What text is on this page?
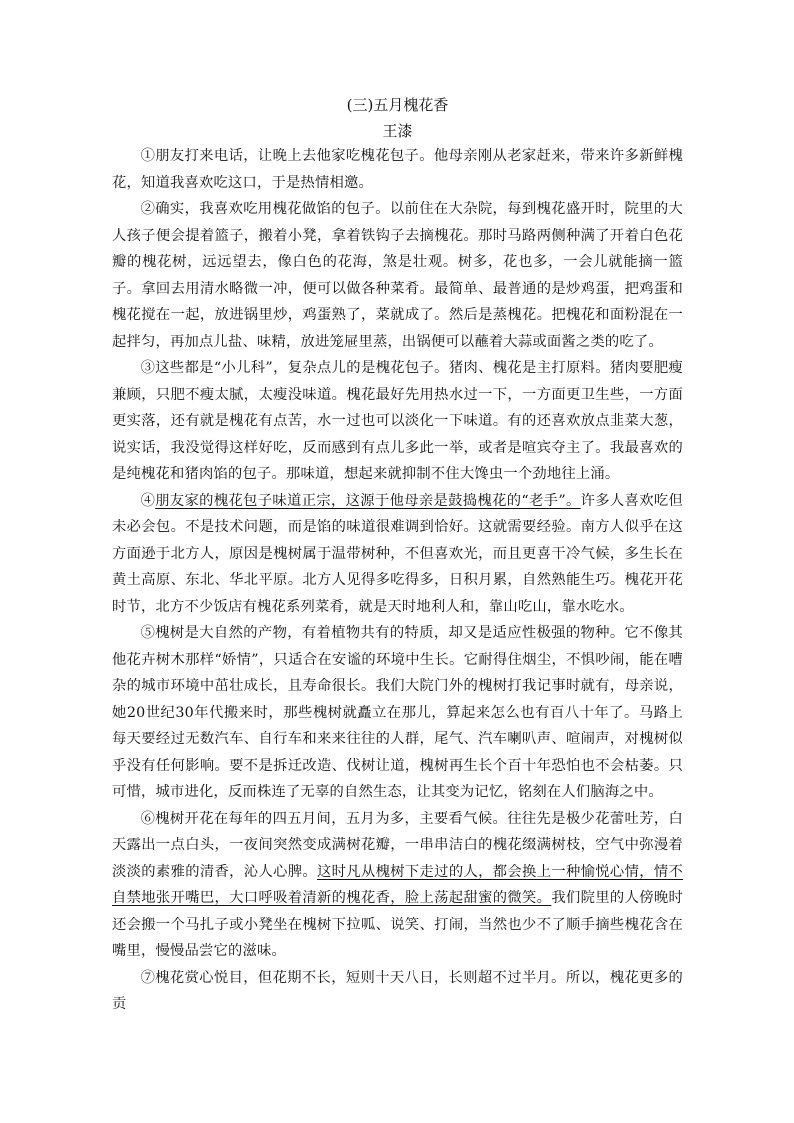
(三)五月槐花香
王漆

①朋友打来电话，让晚上去他家吃槐花包子。他母亲刚从老家赶来，带来许多新鲜槐花，知道我喜欢吃这口，于是热情相邀。

②确实，我喜欢吃用槐花做馅的包子。以前住在大杂院，每到槐花盛开时，院里的大人孩子便会提着篮子，搬着小凳，拿着铁钩子去摘槐花。那时马路两侧种满了开着白色花瓣的槐花树，远远望去，像白色的花海，煞是壮观。树多，花也多，一会儿就能摘一篮子。拿回去用清水略微一冲，便可以做各种菜肴。最简单、最普通的是炒鸡蛋，把鸡蛋和槐花搅在一起，放进锅里炒，鸡蛋熟了，菜就成了。然后是蒸槐花。把槐花和面粉混在一起拌匀，再加点儿盐、味精，放进笼屉里蒸，出锅便可以蘸着大蒜或面酱之类的吃了。

③这些都是“小儿科”，复杂点儿的是槐花包子。猪肉、槐花是主打原料。猪肉要肥瘦兼顾，只肥不瘦太腻，太瘦没味道。槐花最好先用热水过一下，一方面更卫生些，一方面更实落，还有就是槐花有点苦，水一过也可以淡化一下味道。有的还喜欢放点韭菜大葱，说实话，我没觉得这样好吃，反而感到有点儿多此一举，或者是喧宾夺主了。我最喜欢的是纯槐花和猪肉馅的包子。那味道，想起来就抑制不住大馋虫一个劲地往上涌。

④朋友家的槐花包子味道正宗，这源于他母亲是鼓捣槐花的“老手”。许多人喜欢吃但未必会包。不是技术问题，而是馅的味道很难调到恰好。这就需要经验。南方人似乎在这方面逊于北方人，原因是槐树属于温带树种，不但喜欢光，而且更喜干冷气候，多生长在黄土高原、东北、华北平原。北方人见得多吃得多，日积月累，自然熟能生巧。槐花开花时节，北方不少饭店有槐花系列菜肴，就是天时地利人和，靠山吃山，靠水吃水。

⑤槐树是大自然的产物，有着植物共有的特质，却又是适应性极强的物种。它不像其他花卉树木那样“娇情”，只适合在安谧的环境中生长。它耐得住烟尘，不惧吵闹，能在嘈杂的城市环境中茁壮成长，且寿命很长。我们大院门外的槐树打我记事时就有，母亲说，她20世纪30年代搬来时，那些槐树就矗立在那儿，算起来怎么也有百八十年了。马路上每天要经过无数汽车、自行车和来来往往的人群，尾气、汽车喇叭声、喧闹声，对槐树似乎没有任何影响。要不是拆迁改造、伐树让道，槐树再生长个百十年恐怕也不会枯萎。只可惜，城市进化，反而株连了无辜的自然生态，让其变为记忆，铭刻在人们脑海之中。

⑥槐树开花在每年的四五月间，五月为多，主要看气候。往往先是极少花蕾吐芳，白天露出一点白头，一夜间突然变成满树花瓣，一串串洁白的槐花缀满树枝，空气中弥漫着淡淡的素雅的清香，沁人心脾。这时凡从槐树下走过的人，都会换上一种愉悦心情，情不自禁地张开嘴巴，大口呼吸着清新的槐花香，脸上荡起甜蜜的微笑。我们院里的人傍晚时还会搬一个马扎子或小凳坐在槐树下拉呱、说笑、打闹，当然也少不了顺手摘些槐花含在嘴里，慢慢品尝它的滋味。

⑦槐花赏心悦目，但花期不长，短则十天八日，长则超不过半月。所以，槐花更多的贡
